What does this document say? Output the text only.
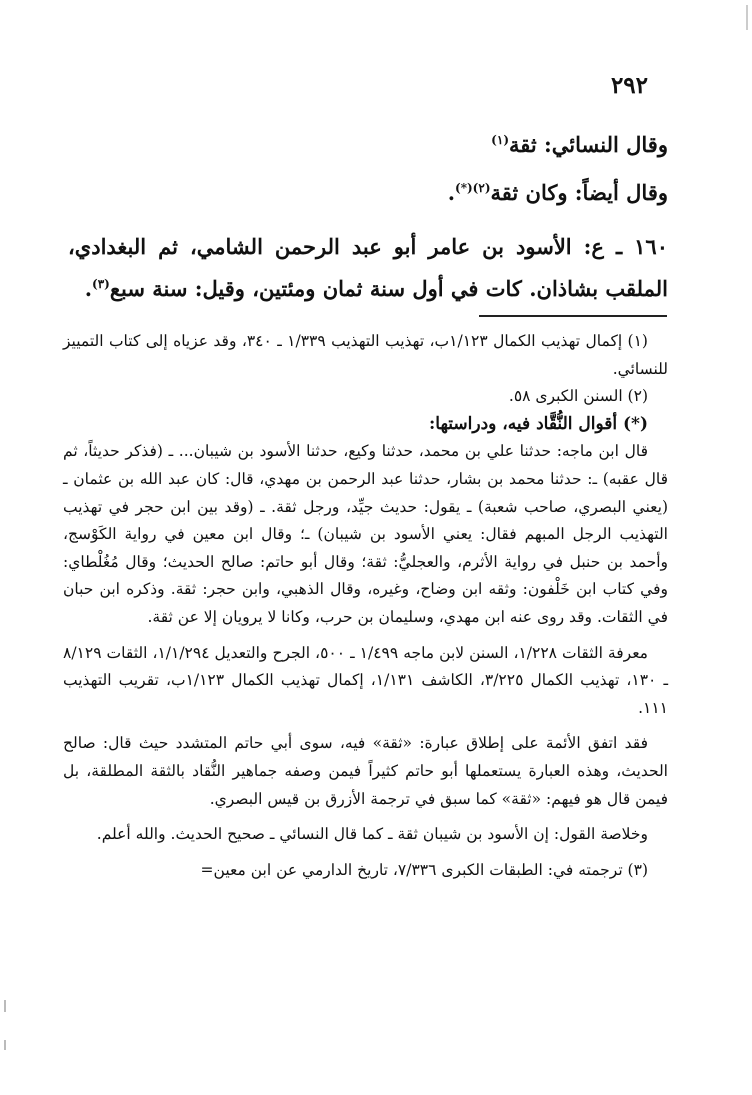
٢٩٢

وقال النسائي: ثقة$^{(١)}$

وقال أيضاً: وكان ثقة$^{(٢)(*)}$.

١٦٠ ـ ع: الأسود بن عامر أبو عبد الرحمن الشامي، ثم البغدادي، الملقب بشاذان. كات في أول سنة ثمان ومئتين، وقيل: سنة سبع$^{(٣)}$.

(١) إكمال تهذيب الكمال ١/١٢٣ب، تهذيب التهذيب ١/٣٣٩ ـ ٣٤٠، وقد عزياه إلى كتاب التمييز للنسائي.

(٢) السنن الكبرى ٥٨.

(*) أقوال النُّقَّاد فيه، ودراستها:

قال ابن ماجه: حدثنا علي بن محمد، حدثنا وكيع، حدثنا الأسود بن شيبان... ـ (فذكر حديثاً، ثم قال عقبه) ـ: حدثنا محمد بن بشار، حدثنا عبد الرحمن بن مهدي، قال: كان عبد الله بن عثمان ـ (يعني البصري، صاحب شعبة) ـ يقول: حديث جيِّد، ورجل ثقة. ـ (وقد بين ابن حجر في تهذيب التهذيب الرجل المبهم فقال: يعني الأسود بن شيبان) ـ؛ وقال ابن معين في رواية الكَوْسج، وأحمد بن حنبل في رواية الأثرم، والعجليُّ: ثقة؛ وقال أبو حاتم: صالح الحديث؛ وقال مُغُلْطاي: وفي كتاب ابن خَلْفون: وثقه ابن وضاح، وغيره، وقال الذهبي، وابن حجر: ثقة. وذكره ابن حبان في الثقات. وقد روى عنه ابن مهدي، وسليمان بن حرب، وكانا لا يرويان إلا عن ثقة.

معرفة الثقات ١/٢٢٨، السنن لابن ماجه ١/٤٩٩ ـ ٥٠٠، الجرح والتعديل ١/١/٢٩٤، الثقات ٨/١٢٩ ـ ١٣٠، تهذيب الكمال ٣/٢٢٥، الكاشف ١/١٣١، إكمال تهذيب الكمال ١/١٢٣ب، تقريب التهذيب ١١١.

فقد اتفق الأئمة على إطلاق عبارة: «ثقة» فيه، سوى أبي حاتم المتشدد حيث قال: صالح الحديث، وهذه العبارة يستعملها أبو حاتم كثيراً فيمن وصفه جماهير النُّقاد بالثقة المطلقة، بل فيمن قال هو فيهم: «ثقة» كما سبق في ترجمة الأزرق بن قيس البصري.

وخلاصة القول: إن الأسود بن شيبان ثقة ـ كما قال النسائي ـ صحيح الحديث. والله أعلم.

(٣) ترجمته في: الطبقات الكبرى ٧/٣٣٦، تاريخ الدارمي عن ابن معين=
